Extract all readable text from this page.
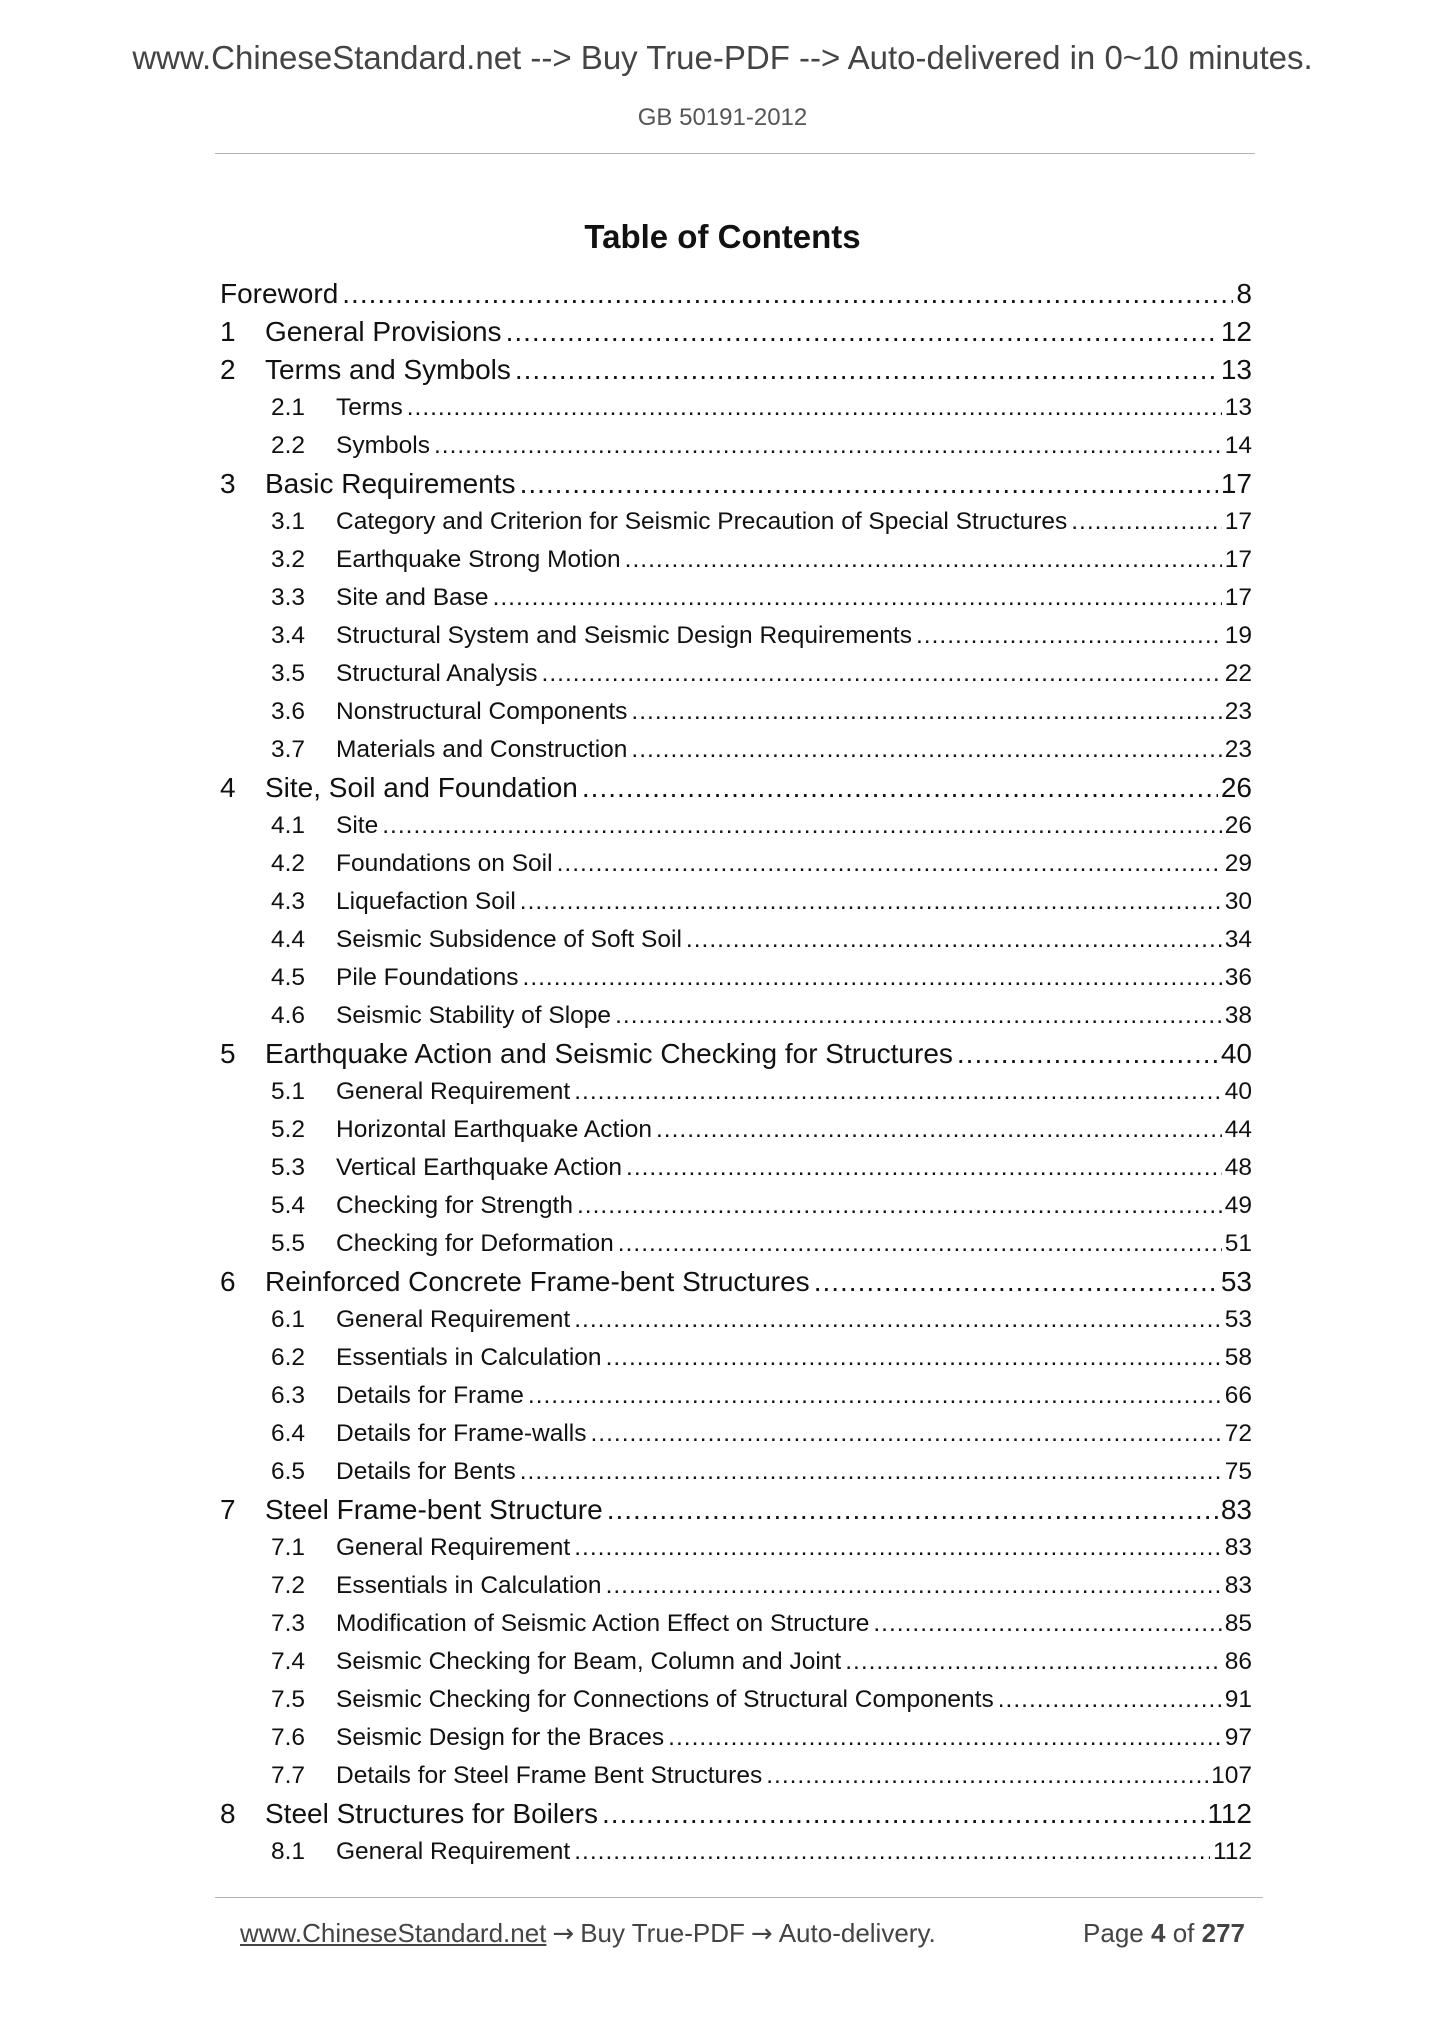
www.ChineseStandard.net --> Buy True-PDF --> Auto-delivered in 0~10 minutes.
GB 50191-2012
Table of Contents
Foreword .....	8
1	General Provisions .....	12
2	Terms and Symbols .....	13
2.1	Terms .....	13
2.2	Symbols .....	14
3	Basic Requirements .....	17
3.1	Category and Criterion for Seismic Precaution of Special Structures .....	17
3.2	Earthquake Strong Motion .....	17
3.3	Site and Base .....	17
3.4	Structural System and Seismic Design Requirements .....	19
3.5	Structural Analysis .....	22
3.6	Nonstructural Components .....	23
3.7	Materials and Construction .....	23
4	Site, Soil and Foundation .....	26
4.1	Site .....	26
4.2	Foundations on Soil .....	29
4.3	Liquefaction Soil .....	30
4.4	Seismic Subsidence of Soft Soil .....	34
4.5	Pile Foundations .....	36
4.6	Seismic Stability of Slope .....	38
5	Earthquake Action and Seismic Checking for Structures .....	40
5.1	General Requirement .....	40
5.2	Horizontal Earthquake Action .....	44
5.3	Vertical Earthquake Action .....	48
5.4	Checking for Strength .....	49
5.5	Checking for Deformation .....	51
6	Reinforced Concrete Frame-bent Structures .....	53
6.1	General Requirement .....	53
6.2	Essentials in Calculation .....	58
6.3	Details for Frame .....	66
6.4	Details for Frame-walls .....	72
6.5	Details for Bents .....	75
7	Steel Frame-bent Structure .....	83
7.1	General Requirement .....	83
7.2	Essentials in Calculation .....	83
7.3	Modification of Seismic Action Effect on Structure .....	85
7.4	Seismic Checking for Beam, Column and Joint .....	86
7.5	Seismic Checking for Connections of Structural Components .....	91
7.6	Seismic Design for the Braces .....	97
7.7	Details for Steel Frame Bent Structures .....	107
8	Steel Structures for Boilers .....	112
8.1	General Requirement .....	112
www.ChineseStandard.net → Buy True-PDF → Auto-delivery.	Page 4 of 277
